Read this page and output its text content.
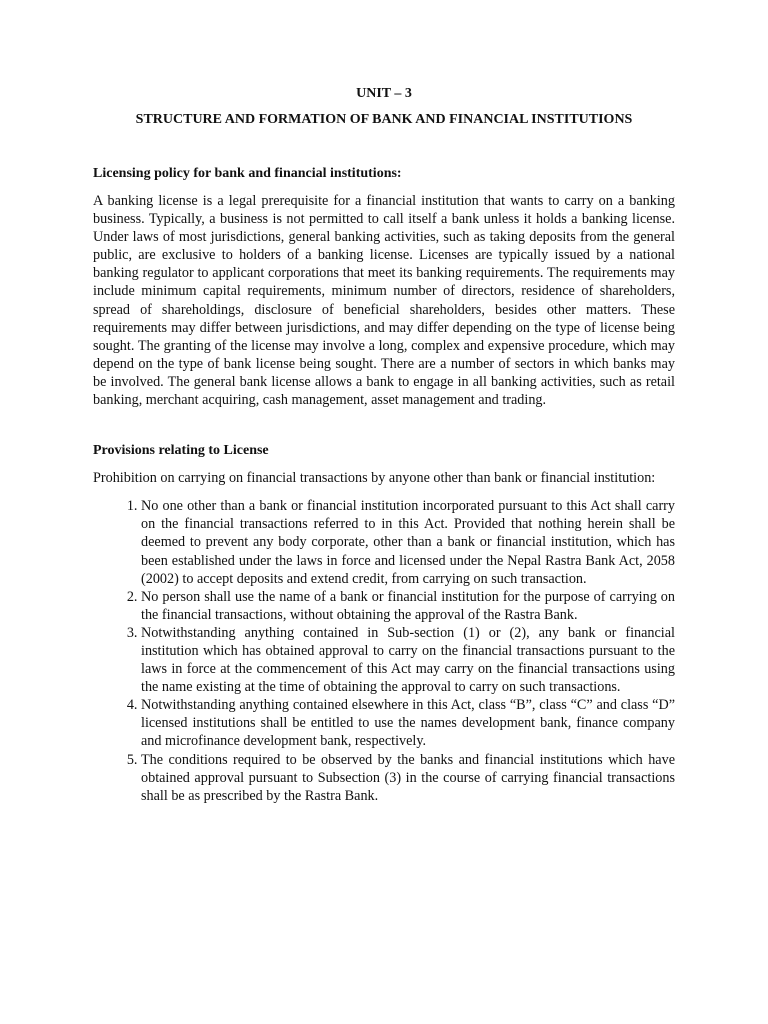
UNIT – 3
STRUCTURE AND FORMATION OF BANK AND FINANCIAL INSTITUTIONS
Licensing policy for bank and financial institutions:

A banking license is a legal prerequisite for a financial institution that wants to carry on a banking business. Typically, a business is not permitted to call itself a bank unless it holds a banking license. Under laws of most jurisdictions, general banking activities, such as taking deposits from the general public, are exclusive to holders of a banking license. Licenses are typically issued by a national banking regulator to applicant corporations that meet its banking requirements. The requirements may include minimum capital requirements, minimum number of directors, residence of shareholders, spread of shareholdings, disclosure of beneficial shareholders, besides other matters. These requirements may differ between jurisdictions, and may differ depending on the type of license being sought. The granting of the license may involve a long, complex and expensive procedure, which may depend on the type of bank license being sought. There are a number of sectors in which banks may be involved. The general bank license allows a bank to engage in all banking activities, such as retail banking, merchant acquiring, cash management, asset management and trading.

Provisions relating to License

Prohibition on carrying on financial transactions by anyone other than bank or financial institution:

1. No one other than a bank or financial institution incorporated pursuant to this Act shall carry on the financial transactions referred to in this Act. Provided that nothing herein shall be deemed to prevent any body corporate, other than a bank or financial institution, which has been established under the laws in force and licensed under the Nepal Rastra Bank Act, 2058 (2002) to accept deposits and extend credit, from carrying on such transaction.
2. No person shall use the name of a bank or financial institution for the purpose of carrying on the financial transactions, without obtaining the approval of the Rastra Bank.
3. Notwithstanding anything contained in Sub-section (1) or (2), any bank or financial institution which has obtained approval to carry on the financial transactions pursuant to the laws in force at the commencement of this Act may carry on the financial transactions using the name existing at the time of obtaining the approval to carry on such transactions.
4. Notwithstanding anything contained elsewhere in this Act, class “B”, class “C” and class “D” licensed institutions shall be entitled to use the names development bank, finance company and microfinance development bank, respectively.
5. The conditions required to be observed by the banks and financial institutions which have obtained approval pursuant to Subsection (3) in the course of carrying financial transactions shall be as prescribed by the Rastra Bank.
